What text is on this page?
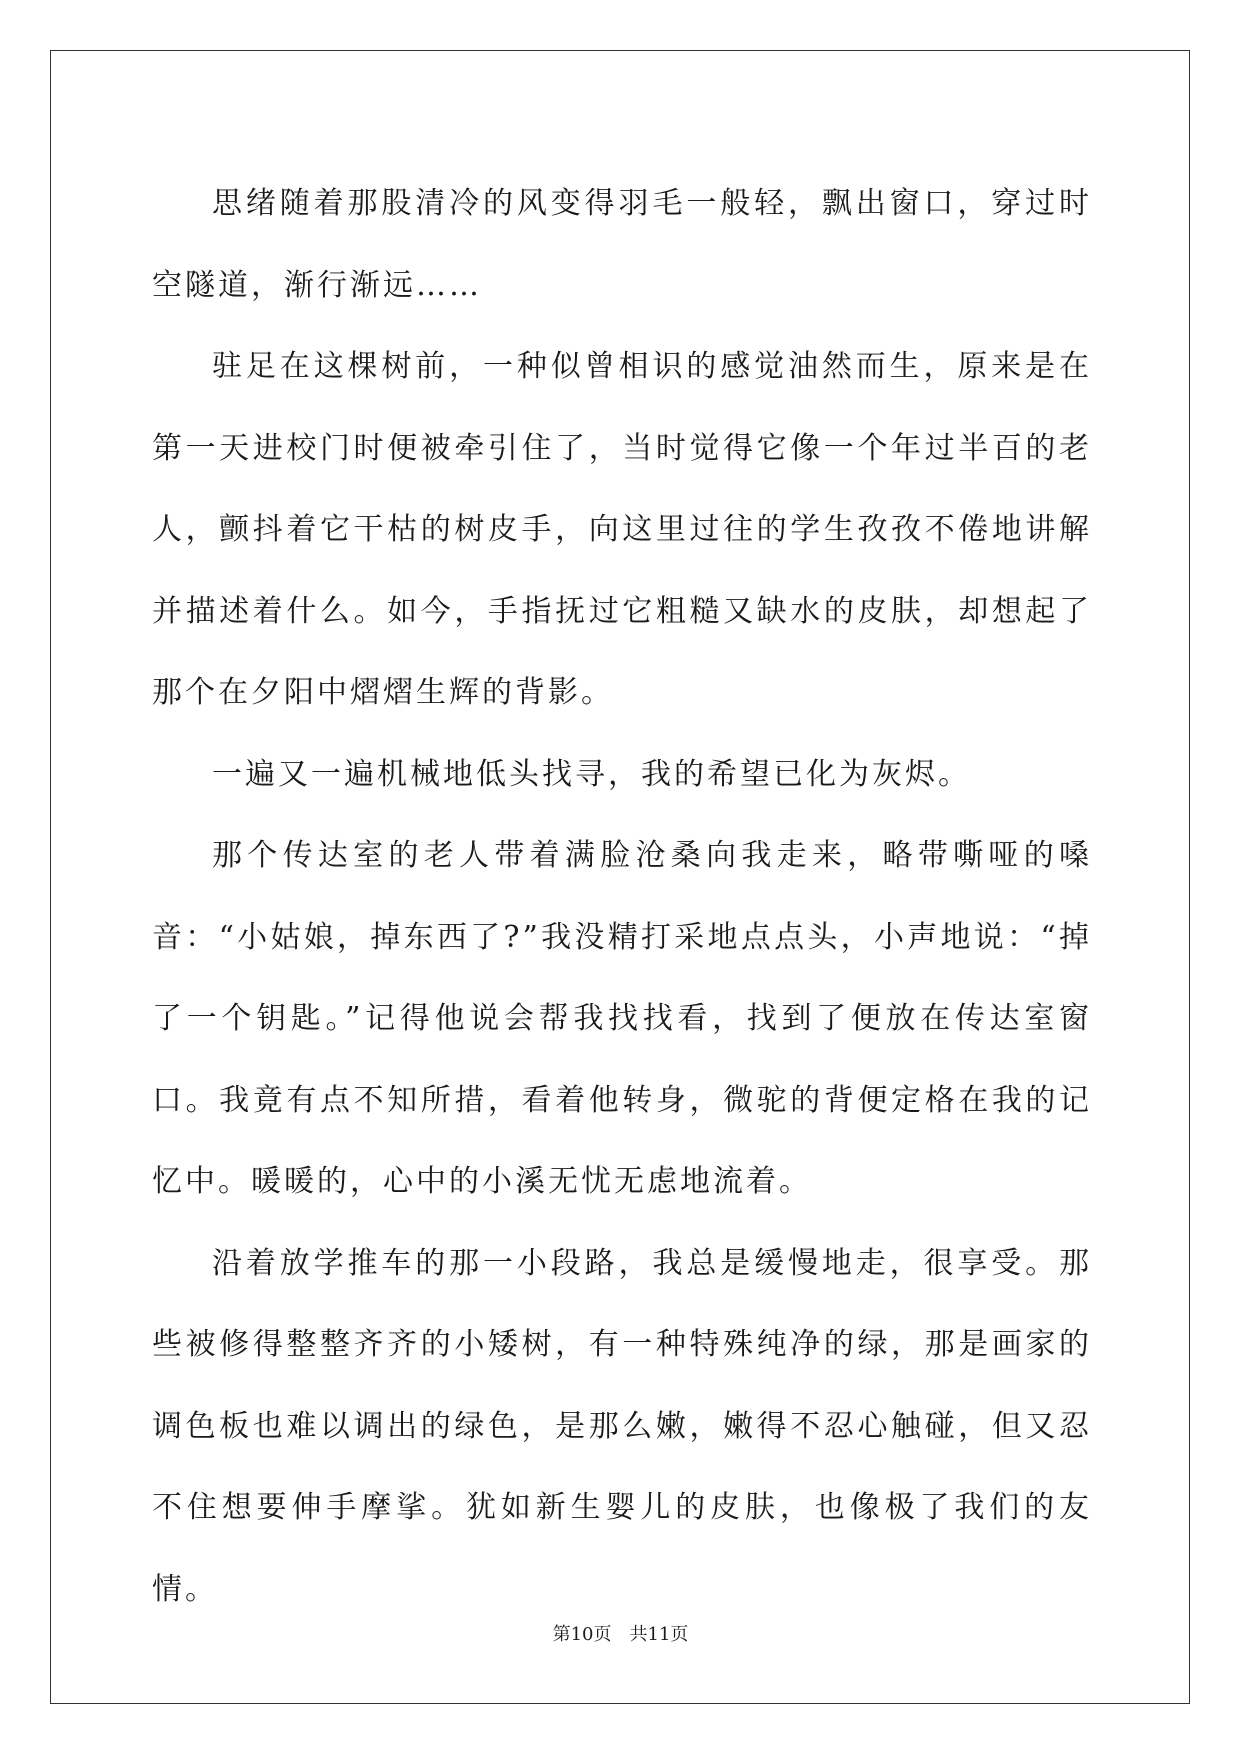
思绪随着那股清冷的风变得羽毛一般轻，飘出窗口，穿过时空隧道，渐行渐远……

驻足在这棵树前，一种似曾相识的感觉油然而生，原来是在第一天进校门时便被牵引住了，当时觉得它像一个年过半百的老人，颤抖着它干枯的树皮手，向这里过往的学生孜孜不倦地讲解并描述着什么。如今，手指抚过它粗糙又缺水的皮肤，却想起了那个在夕阳中熠熠生辉的背影。

一遍又一遍机械地低头找寻，我的希望已化为灰烬。

那个传达室的老人带着满脸沧桑向我走来，略带嘶哑的嗓音：“小姑娘，掉东西了?”我没精打采地点点头，小声地说：“掉了一个钥匙。”记得他说会帮我找找看，找到了便放在传达室窗口。我竟有点不知所措，看着他转身，微驼的背便定格在我的记忆中。暖暖的，心中的小溪无忧无虑地流着。

沿着放学推车的那一小段路，我总是缓慢地走，很享受。那些被修得整整齐齐的小矮树，有一种特殊纯净的绿，那是画家的调色板也难以调出的绿色，是那么嫩，嫩得不忍心触碰，但又忍不住想要伸手摩挲。犹如新生婴儿的皮肤，也像极了我们的友情。

第10页　共11页
